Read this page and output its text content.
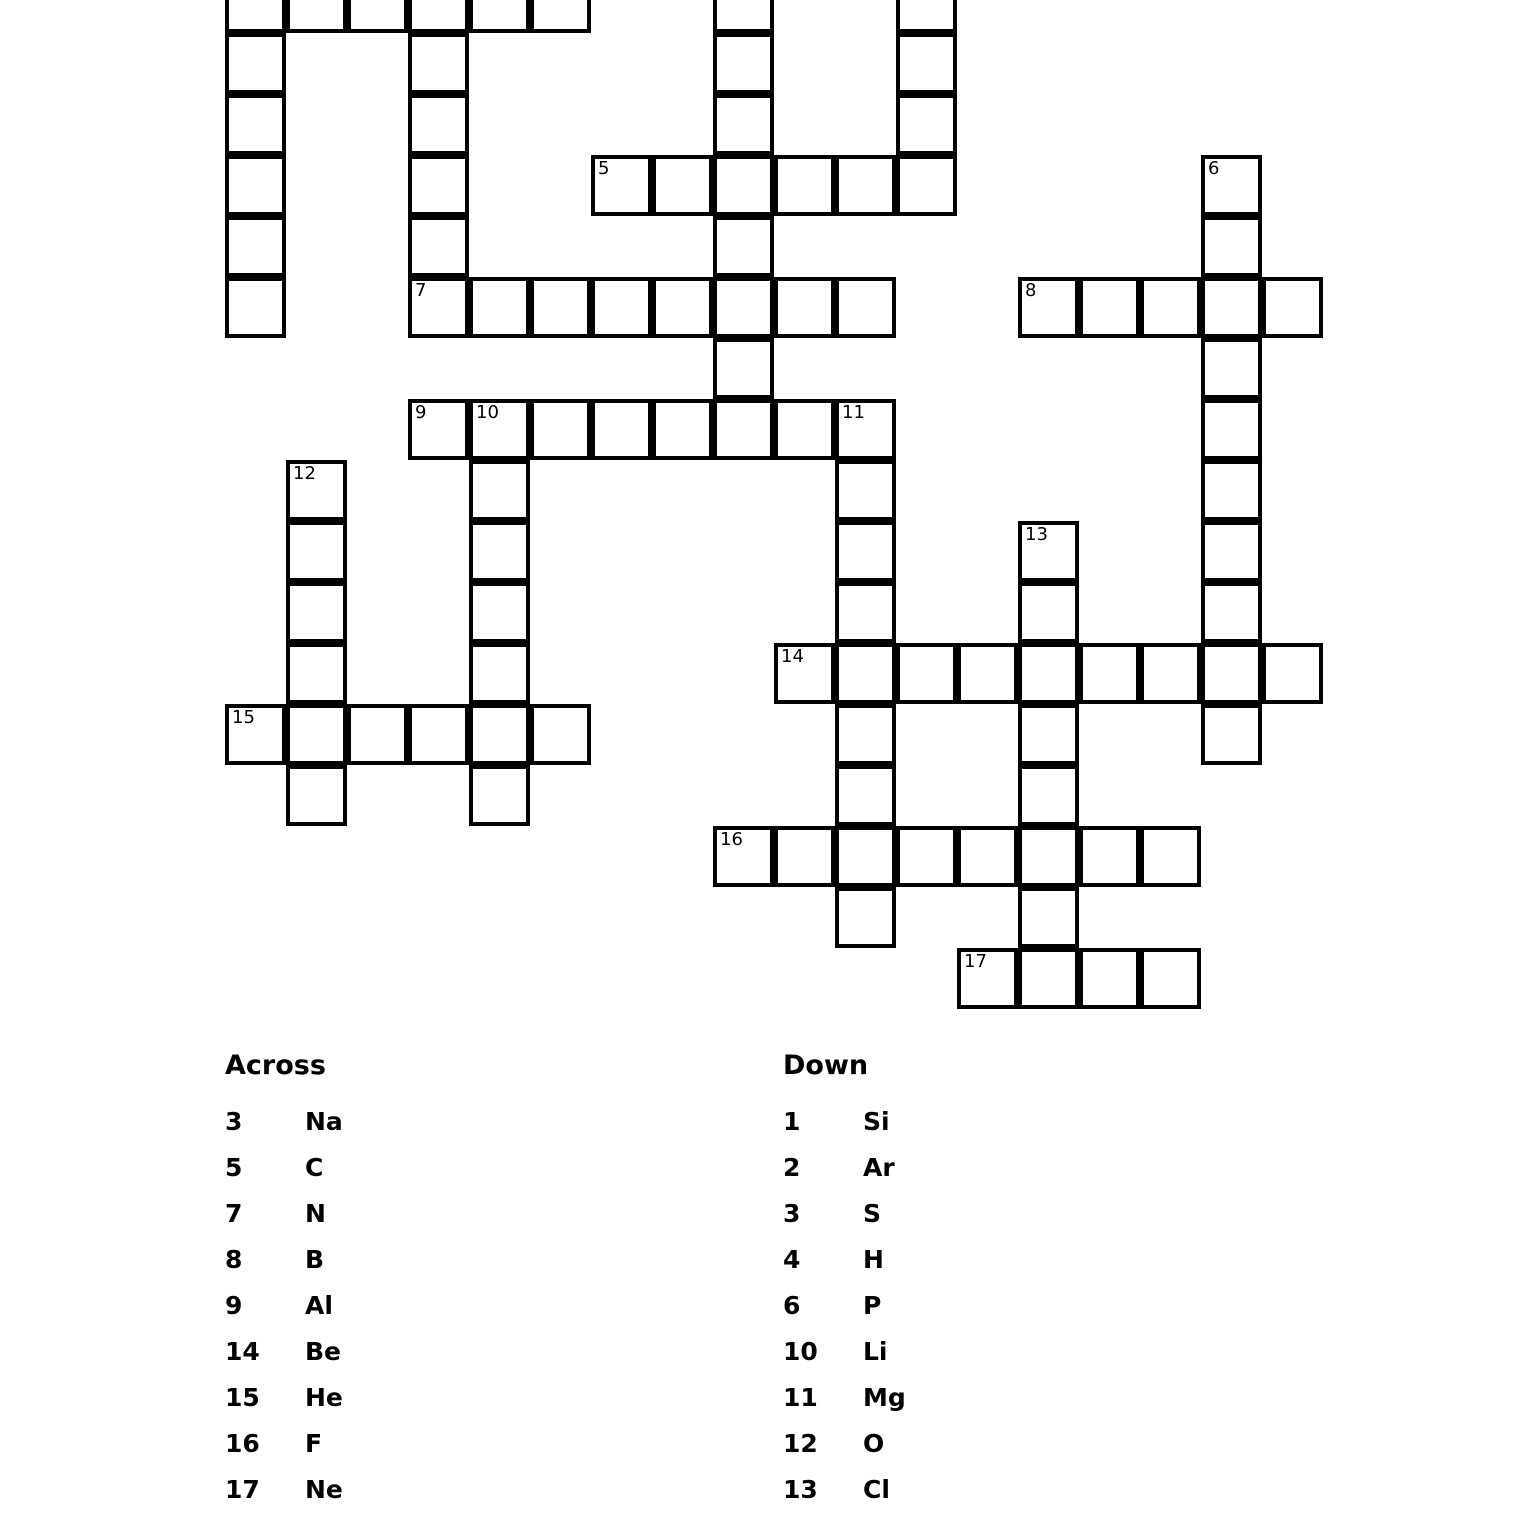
5	6
7	8
9	10	11
12
13
14
15
16
17
Across
3	Na
5	C
7	N
8	B
9	Al
14 Be
15 He
16 F
17 Ne
Down
1	Si
2	Ar
3	S
4	H
6	P
10 Li
11 Mg
12 O
13 Cl
